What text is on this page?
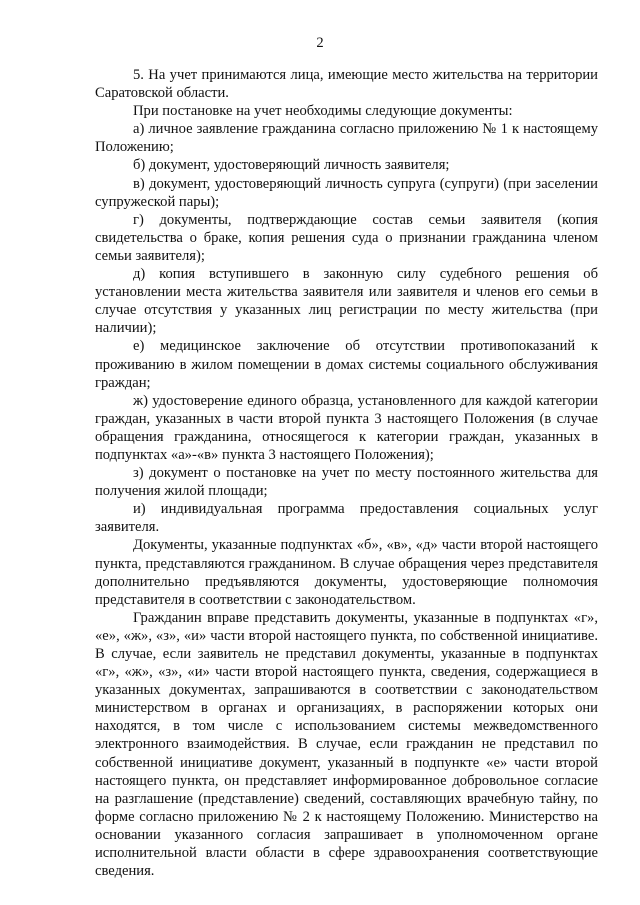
2

5. На учет принимаются лица, имеющие место жительства на территории Саратовской области.

При постановке на учет необходимы следующие документы:

а) личное заявление гражданина согласно приложению № 1 к настоящему Положению;

б) документ, удостоверяющий личность заявителя;

в) документ, удостоверяющий личность супруга (супруги) (при заселении супружеской пары);

г) документы, подтверждающие состав семьи заявителя (копия свидетельства о браке, копия решения суда о признании гражданина членом семьи заявителя);

д) копия вступившего в законную силу судебного решения об установлении места жительства заявителя или заявителя и членов его семьи в случае отсутствия у указанных лиц регистрации по месту жительства (при наличии);

е) медицинское заключение об отсутствии противопоказаний к проживанию в жилом помещении в домах системы социального обслуживания граждан;

ж) удостоверение единого образца, установленного для каждой категории граждан, указанных в части второй пункта 3 настоящего Положения (в случае обращения гражданина, относящегося к категории граждан, указанных в подпунктах «а»-«в» пункта 3 настоящего Положения);

з) документ о постановке на учет по месту постоянного жительства для получения жилой площади;

и) индивидуальная программа предоставления социальных услуг заявителя.

Документы, указанные подпунктах «б», «в», «д» части второй настоящего пункта, представляются гражданином. В случае обращения через представителя дополнительно предъявляются документы, удостоверяющие полномочия представителя в соответствии с законодательством.

Гражданин вправе представить документы, указанные в подпунктах «г», «е», «ж», «з», «и» части второй настоящего пункта, по собственной инициативе. В случае, если заявитель не представил документы, указанные в подпунктах «г», «ж», «з», «и» части второй настоящего пункта, сведения, содержащиеся в указанных документах, запрашиваются в соответствии с законодательством министерством в органах и организациях, в распоряжении которых они находятся, в том числе с использованием системы межведомственного электронного взаимодействия. В случае, если гражданин не представил по собственной инициативе документ, указанный в подпункте «е» части второй настоящего пункта, он представляет информированное добровольное согласие на разглашение (представление) сведений, составляющих врачебную тайну, по форме согласно приложению № 2 к настоящему Положению. Министерство на основании указанного согласия запрашивает в уполномоченном органе исполнительной власти области в сфере здравоохранения соответствующие сведения.
